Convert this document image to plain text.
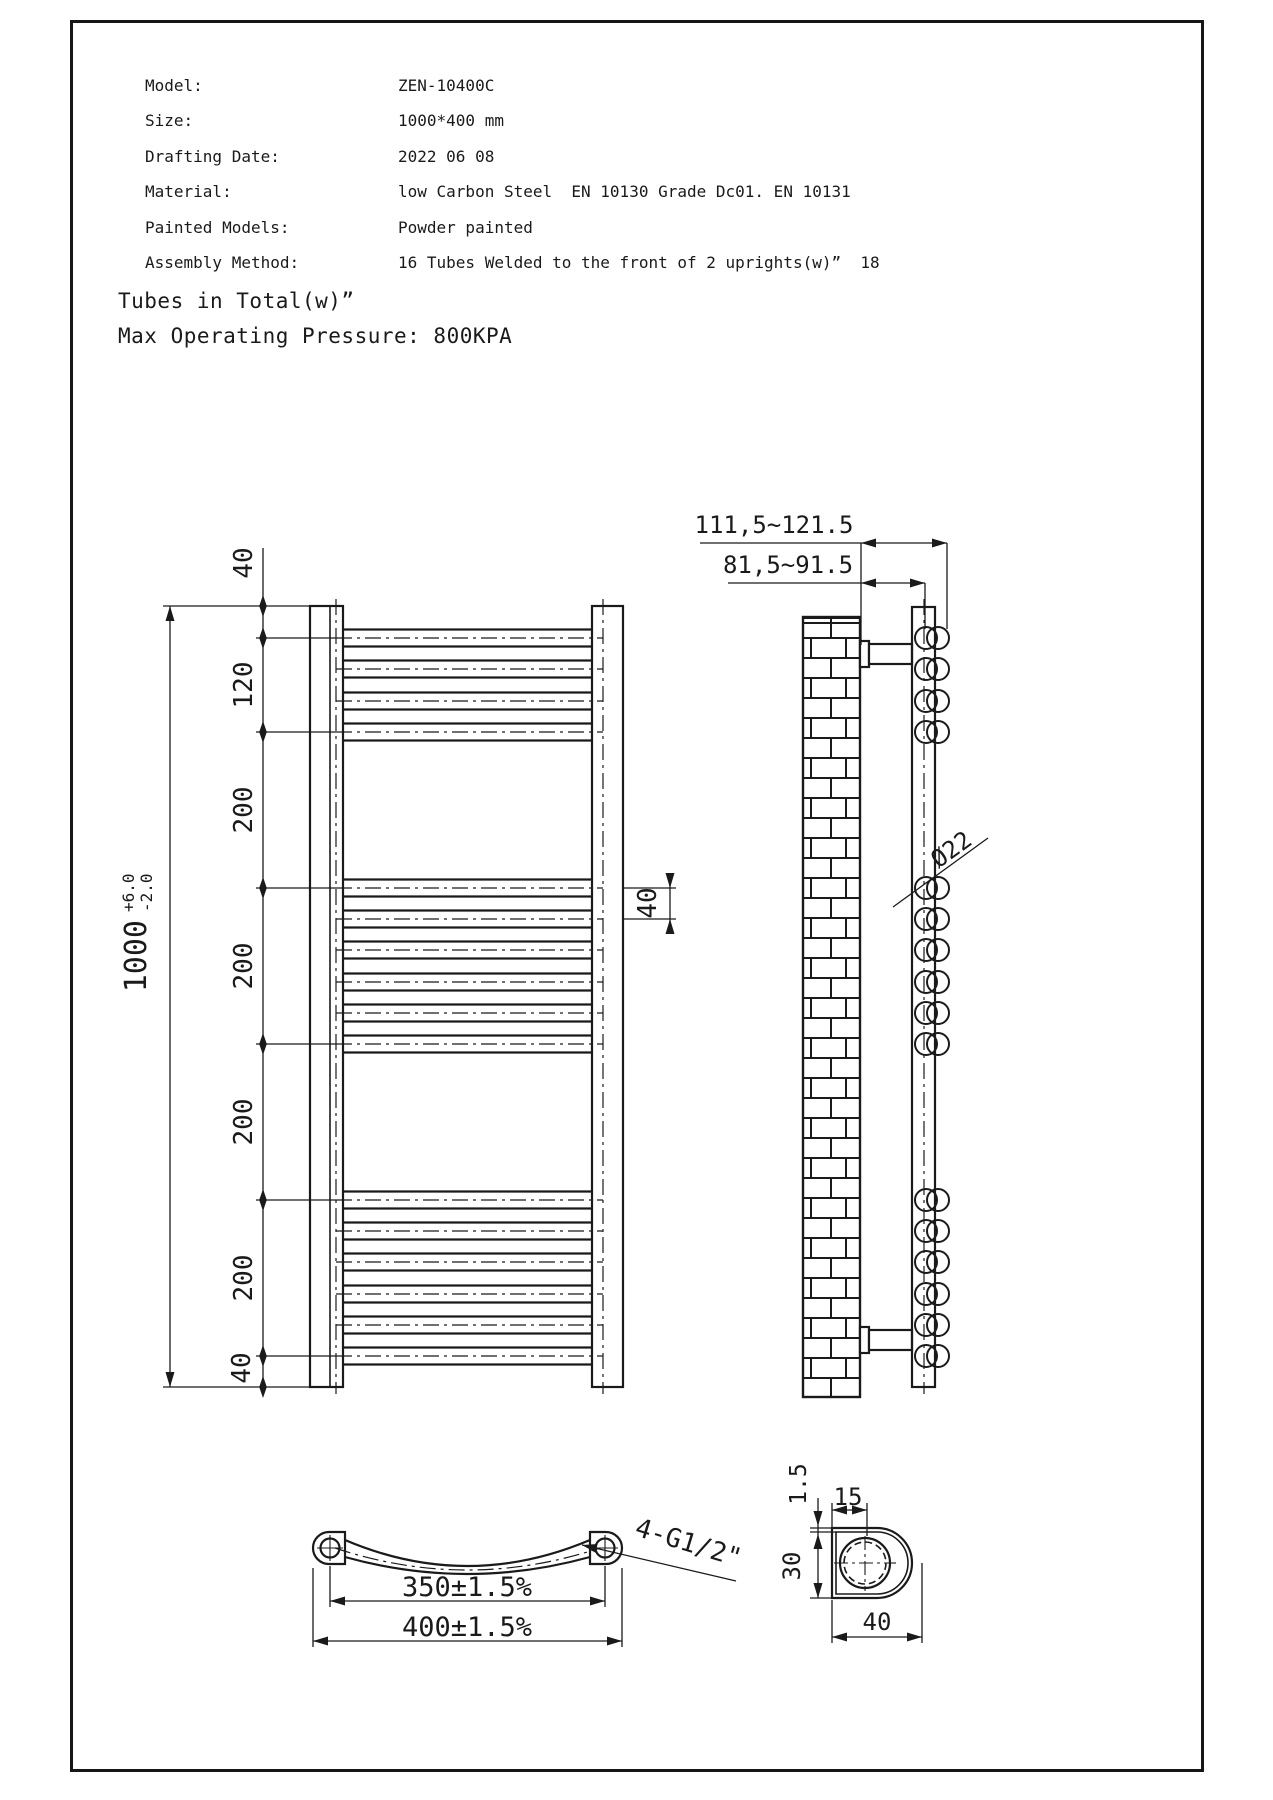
Model:	ZEN-10400C
Size:	1000*400 mm
Drafting Date:	2022 06 08
Material:	low Carbon Steel  EN 10130 Grade Dc01. EN 10131
Painted Models:	Powder painted
Assembly Method:	16 Tubes Welded to the front of 2 uprights(w)”  18
Tubes in Total(w)”
Max Operating Pressure: 800KPA
40
120
200
200
200
200
40
40
1000
+6.0 -2.0
111,5~121.5
81,5~91.5
Ø22
350±1.5%
400±1.5%
4-G1/2"
1.5 15
30
40
